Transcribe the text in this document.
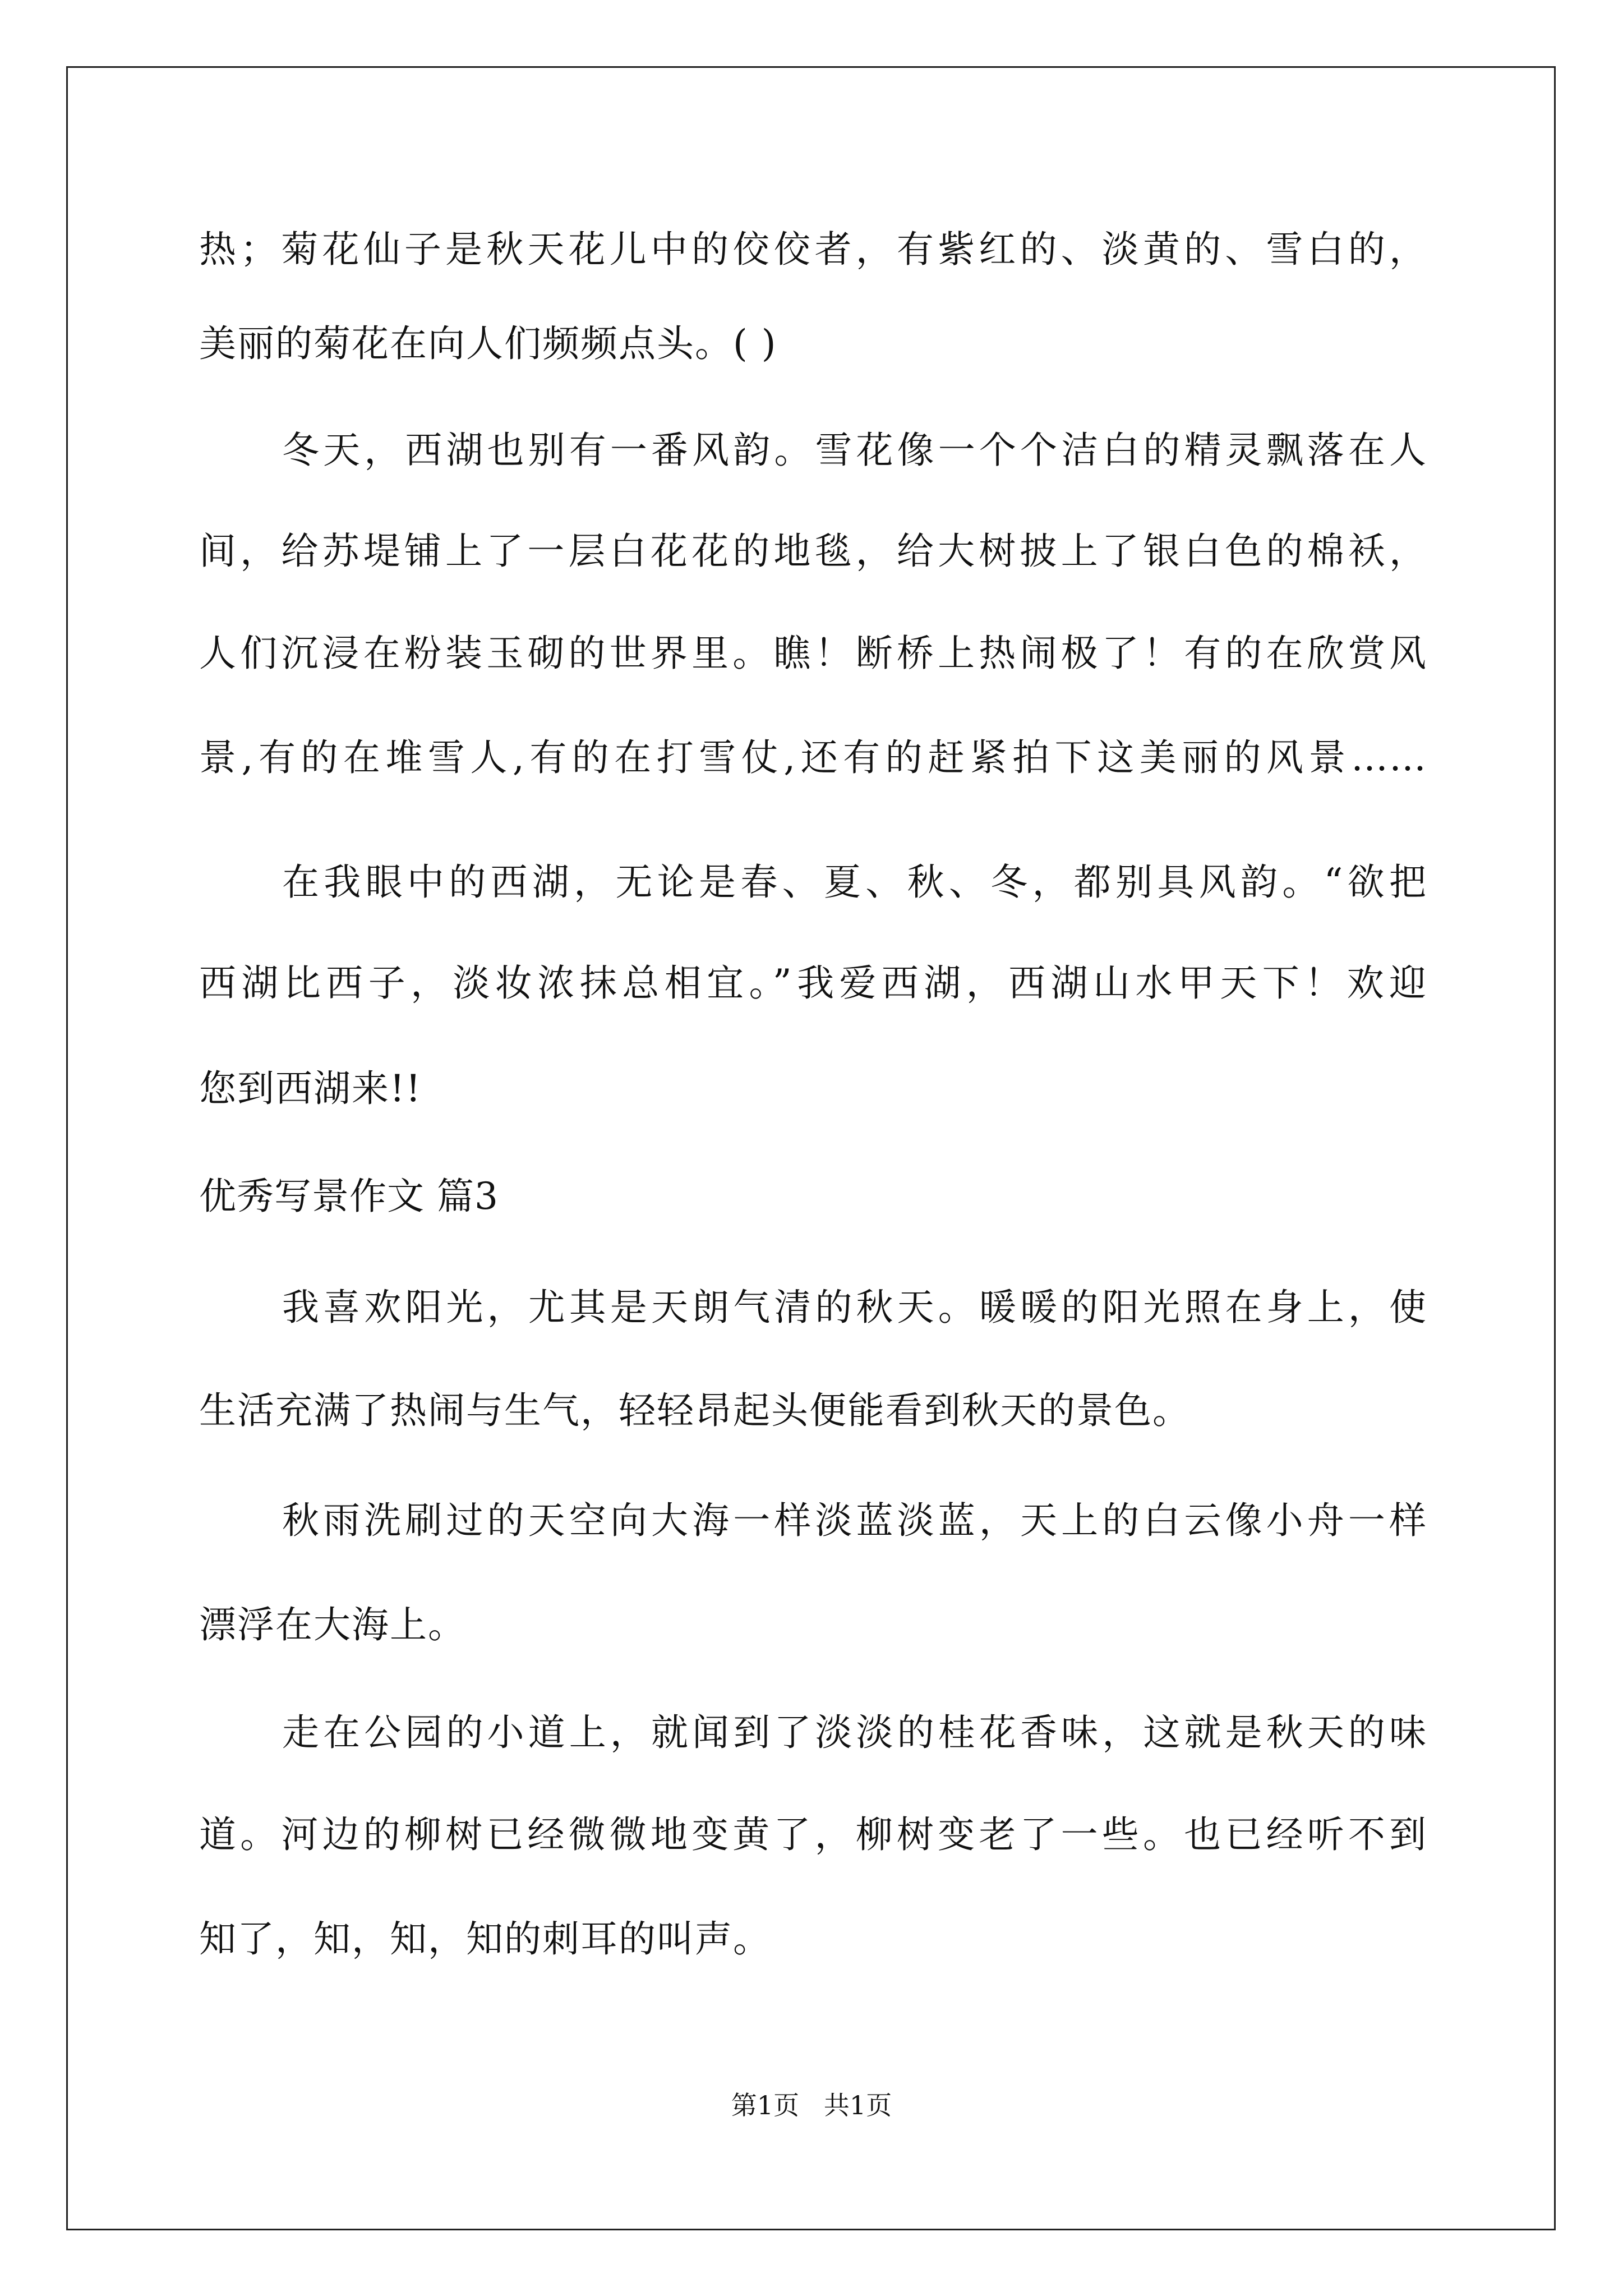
热；菊花仙子是秋天花儿中的佼佼者，有紫红的、淡黄的、雪白的，
美丽的菊花在向人们频频点头。( )
冬天，西湖也别有一番风韵。雪花像一个个洁白的精灵飘落在人
间，给苏堤铺上了一层白花花的地毯，给大树披上了银白色的棉袄，
人们沉浸在粉装玉砌的世界里。瞧！断桥上热闹极了！有的在欣赏风
景,有的在堆雪人,有的在打雪仗,还有的赶紧拍下这美丽的风景……
在我眼中的西湖，无论是春、夏、秋、冬，都别具风韵。“欲把
西湖比西子，淡妆浓抹总相宜。”我爱西湖，西湖山水甲天下！欢迎
您到西湖来!!
优秀写景作文 篇3
我喜欢阳光，尤其是天朗气清的秋天。暖暖的阳光照在身上，使
生活充满了热闹与生气，轻轻昂起头便能看到秋天的景色。
秋雨洗刷过的天空向大海一样淡蓝淡蓝，天上的白云像小舟一样
漂浮在大海上。
走在公园的小道上，就闻到了淡淡的桂花香味，这就是秋天的味
道。河边的柳树已经微微地变黄了，柳树变老了一些。也已经听不到
知了，知，知，知的刺耳的叫声。
第1页   共1页
